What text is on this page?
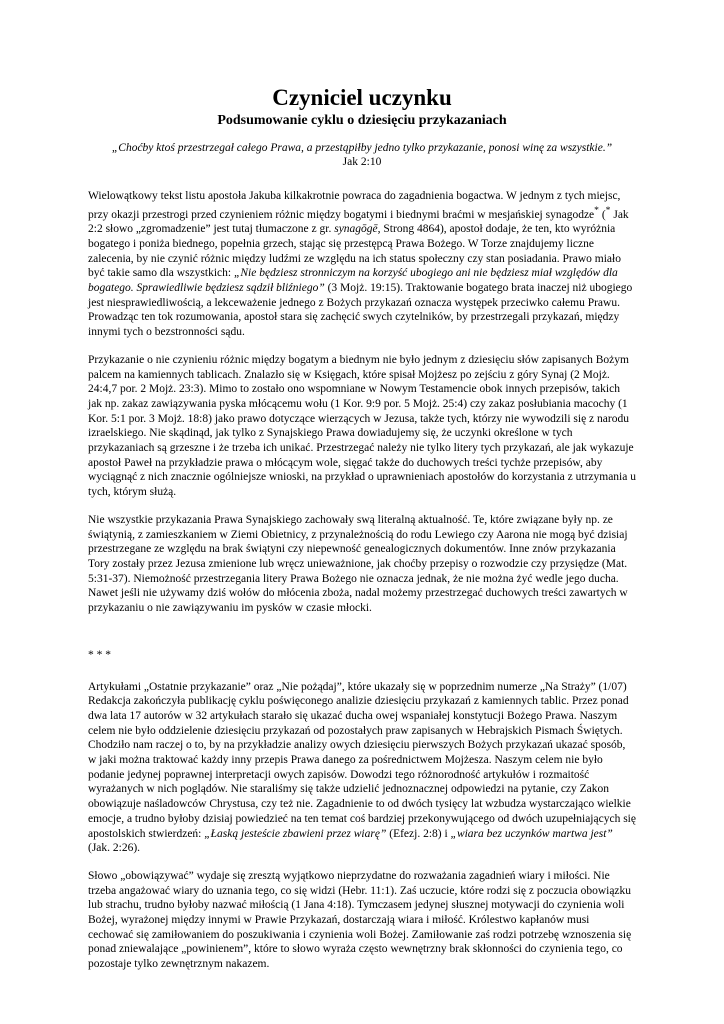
Czyniciel uczynku
Podsumowanie cyklu o dziesięciu przykazaniach
„Choćby ktoś przestrzegał całego Prawa, a przestąpiłby jedno tylko przykazanie, ponosi winę za wszystkie.”
Jak 2:10

Wielowątkowy tekst listu apostoła Jakuba kilkakrotnie powraca do zagadnienia bogactwa. W jednym z tych miejsc, przy okazji przestrogi przed czynieniem różnic między bogatymi i biednymi braćmi w mesjańskiej synagodze* (* Jak 2:2 słowo „zgromadzenie” jest tutaj tłumaczone z gr. synagōgē, Strong 4864), apostoł dodaje, że ten, kto wyróżnia bogatego i poniża biednego, popełnia grzech, stając się przestępcą Prawa Bożego. W Torze znajdujemy liczne zalecenia, by nie czynić różnic między ludźmi ze względu na ich status społeczny czy stan posiadania. Prawo miało być takie samo dla wszystkich: „Nie będziesz stronniczym na korzyść ubogiego ani nie będziesz miał względów dla bogatego. Sprawiedliwie będziesz sądził bliźniego” (3 Mojż. 19:15). Traktowanie bogatego brata inaczej niż ubogiego jest niesprawiedliwością, a lekceważenie jednego z Bożych przykazań oznacza występek przeciwko całemu Prawu. Prowadząc ten tok rozumowania, apostoł stara się zachęcić swych czytelników, by przestrzegali przykazań, między innymi tych o bezstronności sądu.

Przykazanie o nie czynieniu różnic między bogatym a biednym nie było jednym z dziesięciu słów zapisanych Bożym palcem na kamiennych tablicach. Znalazło się w Księgach, które spisał Mojżesz po zejściu z góry Synaj (2 Mojż. 24:4,7 por. 2 Mojż. 23:3). Mimo to zostało ono wspomniane w Nowym Testamencie obok innych przepisów, takich jak np. zakaz zawiązywania pyska młócącemu wołu (1 Kor. 9:9 por. 5 Mojż. 25:4) czy zakaz posłubiania macochy (1 Kor. 5:1 por. 3 Mojż. 18:8) jako prawo dotyczące wierzących w Jezusa, także tych, którzy nie wywodzili się z narodu izraelskiego. Nie skądinąd, jak tylko z Synajskiego Prawa dowiadujemy się, że uczynki określone w tych przykazaniach są grzeszne i że trzeba ich unikać. Przestrzegać należy nie tylko litery tych przykazań, ale jak wykazuje apostoł Paweł na przykładzie prawa o młócącym wole, sięgać także do duchowych treści tychże przepisów, aby wyciągnąć z nich znacznie ogólniejsze wnioski, na przykład o uprawnieniach apostołów do korzystania z utrzymania u tych, którym służą.

Nie wszystkie przykazania Prawa Synajskiego zachowały swą literalną aktualność. Te, które związane były np. ze świątynią, z zamieszkaniem w Ziemi Obietnicy, z przynależnością do rodu Lewiego czy Aarona nie mogą być dzisiaj przestrzegane ze względu na brak świątyni czy niepewność genealogicznych dokumentów. Inne znów przykazania Tory zostały przez Jezusa zmienione lub wręcz unieważnione, jak choćby przepisy o rozwodzie czy przysiędze (Mat. 5:31-37). Niemożność przestrzegania litery Prawa Bożego nie oznacza jednak, że nie można żyć wedle jego ducha. Nawet jeśli nie używamy dziś wołów do młócenia zboża, nadal możemy przestrzegać duchowych treści zawartych w przykazaniu o nie zawiązywaniu im pysków w czasie młocki.

* * *

Artykułami „Ostatnie przykazanie” oraz „Nie pożądaj”, które ukazały się w poprzednim numerze „Na Straży” (1/07) Redakcja zakończyła publikację cyklu poświęconego analizie dziesięciu przykazań z kamiennych tablic. Przez ponad dwa lata 17 autorów w 32 artykułach starało się ukazać ducha owej wspaniałej konstytucji Bożego Prawa. Naszym celem nie było oddzielenie dziesięciu przykazań od pozostałych praw zapisanych w Hebrajskich Pismach Świętych. Chodziło nam raczej o to, by na przykładzie analizy owych dziesięciu pierwszych Bożych przykazań ukazać sposób, w jaki można traktować każdy inny przepis Prawa danego za pośrednictwem Mojżesza. Naszym celem nie było podanie jedynej poprawnej interpretacji owych zapisów. Dowodzi tego różnorodność artykułów i rozmaitość wyrażanych w nich poglądów. Nie staraliśmy się także udzielić jednoznacznej odpowiedzi na pytanie, czy Zakon obowiązuje naśladowców Chrystusa, czy też nie. Zagadnienie to od dwóch tysięcy lat wzbudza wystarczająco wielkie emocje, a trudno byłoby dzisiaj powiedzieć na ten temat coś bardziej przekonywującego od dwóch uzupełniających się apostolskich stwierdzeń: „Łaską jesteście zbawieni przez wiarę” (Efezj. 2:8) i „wiara bez uczynków martwa jest” (Jak. 2:26).

Słowo „obowiązywać” wydaje się zresztą wyjątkowo nieprzydatne do rozważania zagadnień wiary i miłości. Nie trzeba angażować wiary do uznania tego, co się widzi (Hebr. 11:1). Zaś uczucie, które rodzi się z poczucia obowiązku lub strachu, trudno byłoby nazwać miłością (1 Jana 4:18). Tymczasem jedynej słusznej motywacji do czynienia woli Bożej, wyrażonej między innymi w Prawie Przykazań, dostarczają wiara i miłość. Królestwo kapłanów musi cechować się zamiłowaniem do poszukiwania i czynienia woli Bożej. Zamiłowanie zaś rodzi potrzebę wznoszenia się ponad zniewalające „powinienem”, które to słowo wyraża często wewnętrzny brak skłonności do czynienia tego, co pozostaje tylko zewnętrznym nakazem.
